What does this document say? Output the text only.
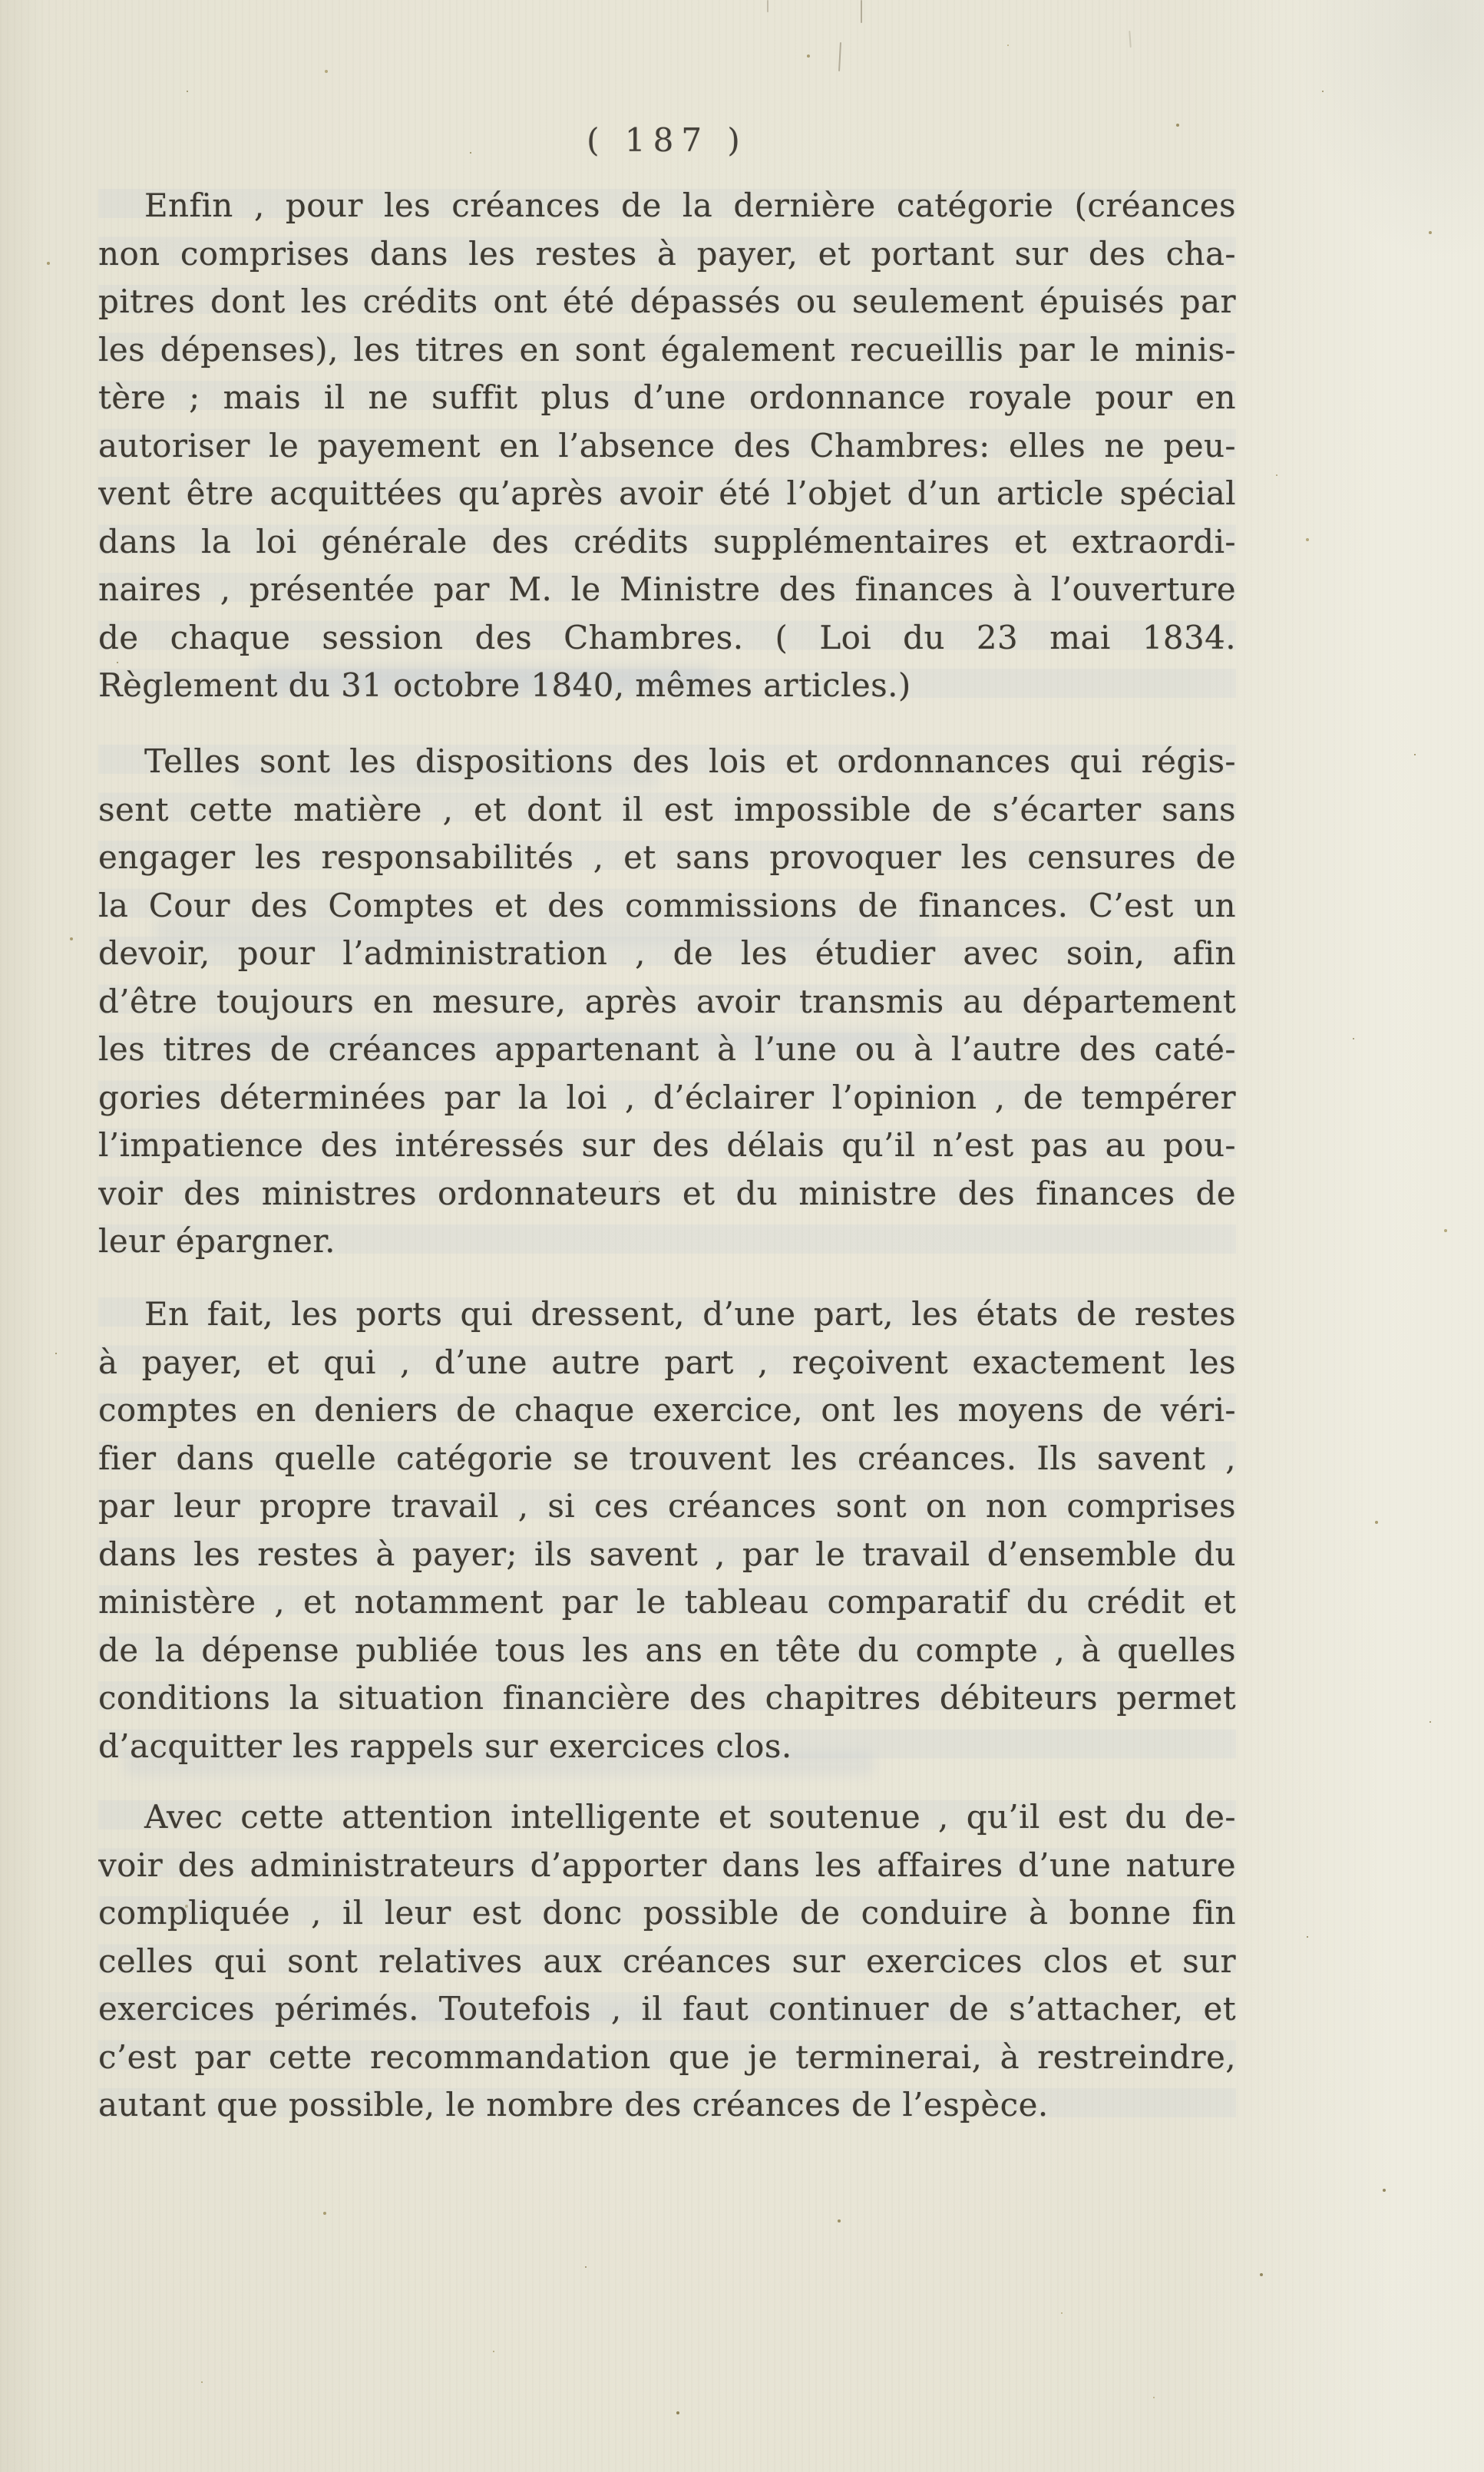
( 187 )
Enfin , pour les créances de la dernière catégorie (créances
non comprises dans les restes à payer, et portant sur des cha-
pitres dont les crédits ont été dépassés ou seulement épuisés par
les dépenses), les titres en sont également recueillis par le minis-
tère ; mais il ne suffit plus d’une ordonnance royale pour en
autoriser le payement en l’absence des Chambres: elles ne peu-
vent être acquittées qu’après avoir été l’objet d’un article spécial
dans la loi générale des crédits supplémentaires et extraordi-
naires , présentée par M. le Ministre des finances à l’ouverture
de chaque session des Chambres. ( Loi du 23 mai 1834.
Règlement du 31 octobre 1840, mêmes articles.)
Telles sont les dispositions des lois et ordonnances qui régis-
sent cette matière , et dont il est impossible de s’écarter sans
engager les responsabilités , et sans provoquer les censures de
la Cour des Comptes et des commissions de finances. C’est un
devoir, pour l’administration , de les étudier avec soin, afin
d’être toujours en mesure, après avoir transmis au département
les titres de créances appartenant à l’une ou à l’autre des caté-
gories déterminées par la loi , d’éclairer l’opinion , de tempérer
l’impatience des intéressés sur des délais qu’il n’est pas au pou-
voir des ministres ordonnateurs et du ministre des finances de
leur épargner.
En fait, les ports qui dressent, d’une part, les états de restes
à payer, et qui , d’une autre part , reçoivent exactement les
comptes en deniers de chaque exercice, ont les moyens de véri-
fier dans quelle catégorie se trouvent les créances. Ils savent ,
par leur propre travail , si ces créances sont on non comprises
dans les restes à payer; ils savent , par le travail d’ensemble du
ministère , et notamment par le tableau comparatif du crédit et
de la dépense publiée tous les ans en tête du compte , à quelles
conditions la situation financière des chapitres débiteurs permet
d’acquitter les rappels sur exercices clos.
Avec cette attention intelligente et soutenue , qu’il est du de-
voir des administrateurs d’apporter dans les affaires d’une nature
compliquée , il leur est donc possible de conduire à bonne fin
celles qui sont relatives aux créances sur exercices clos et sur
exercices périmés. Toutefois , il faut continuer de s’attacher, et
c’est par cette recommandation que je terminerai, à restreindre,
autant que possible, le nombre des créances de l’espèce.
